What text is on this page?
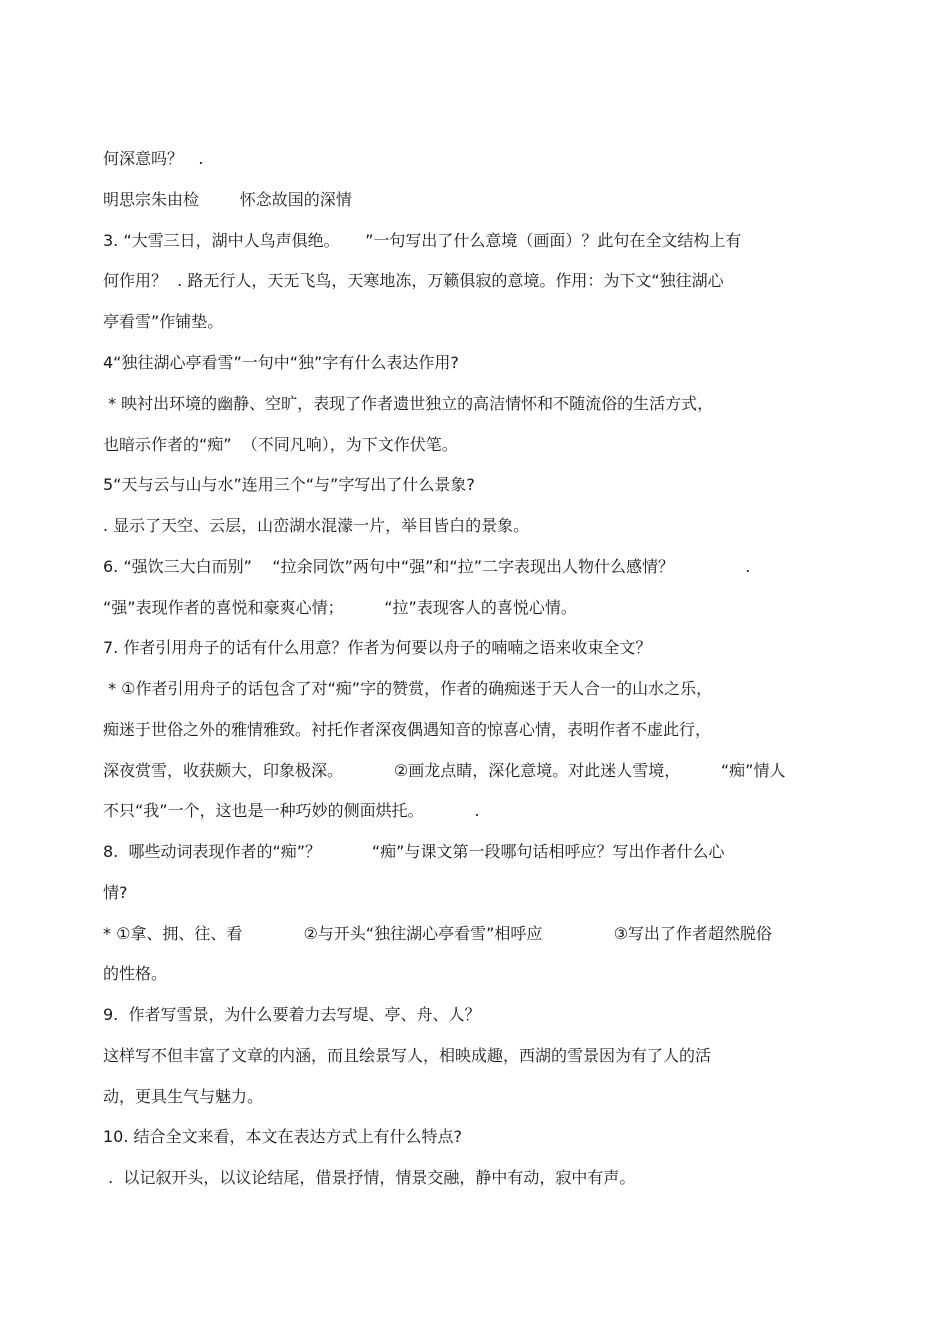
何深意吗？   .
明思宗朱由检        怀念故国的深情
3. “大雪三日，湖中人鸟声俱绝。     ”一句写出了什么意境（画面）？此句在全文结构上有
何作用？  . 路无行人，天无飞鸟，天寒地冻，万籁俱寂的意境。作用：为下文“独往湖心
亭看雪”作铺垫。
4“独往湖心亭看雪”一句中“独”字有什么表达作用?
* 映衬出环境的幽静、空旷，表现了作者遗世独立的高洁情怀和不随流俗的生活方式，
也暗示作者的“痴”  （不同凡响），为下文作伏笔。
5“天与云与山与水”连用三个“与”字写出了什么景象?
. 显示了天空、云层，山峦湖水混濛一片，举目皆白的景象。
6. “强饮三大白而别”    “拉余同饮”两句中“强”和“拉”二字表现出人物什么感情？              .
“强”表现作者的喜悦和豪爽心情；        “拉”表现客人的喜悦心情。
7. 作者引用舟子的话有什么用意？作者为何要以舟子的喃喃之语来收束全文？
* ①作者引用舟子的话包含了对“痴”字的赞赏，作者的确痴迷于天人合一的山水之乐，
痴迷于世俗之外的雅情雅致。衬托作者深夜偶遇知音的惊喜心情，表明作者不虚此行，
深夜赏雪，收获颇大，印象极深。          ②画龙点睛，深化意境。对此迷人雪境，        “痴”情人
不只“我”一个，这也是一种巧妙的侧面烘托。          .
8.  哪些动词表现作者的“痴”？          “痴”与课文第一段哪句话相呼应？写出作者什么心
情?
* ①拿、拥、往、看            ②与开头“独往湖心亭看雪”相呼应              ③写出了作者超然脱俗
的性格。
9.  作者写雪景，为什么要着力去写堤、亭、舟、人？
这样写不但丰富了文章的内涵，而且绘景写人，相映成趣，西湖的雪景因为有了人的活
动，更具生气与魅力。
10. 结合全文来看，本文在表达方式上有什么特点?
.  以记叙开头，以议论结尾，借景抒情，情景交融，静中有动，寂中有声。
